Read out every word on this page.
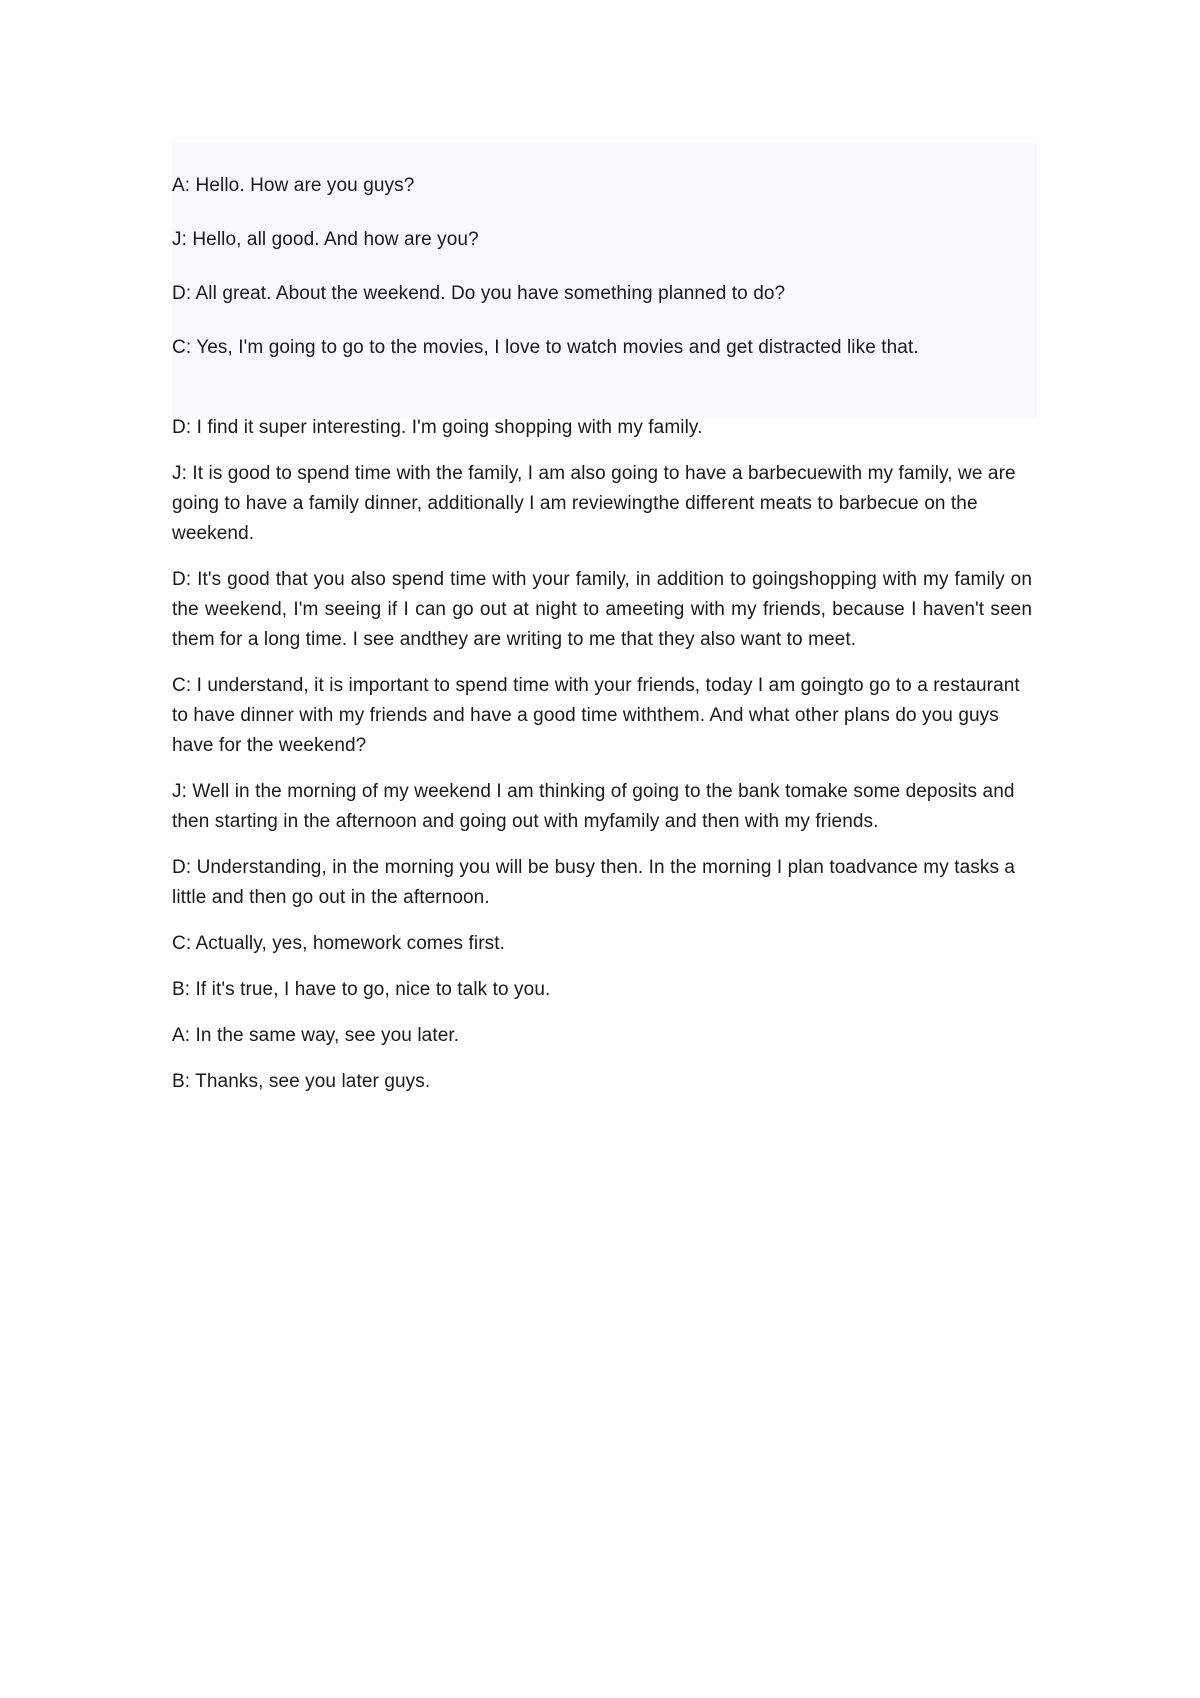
A: Hello. How are you guys?

J: Hello, all good. And how are you?

D: All great. About the weekend. Do you have something planned to do?

C: Yes, I'm going to go to the movies, I love to watch movies and get distracted like that.

D: I find it super interesting. I'm going shopping with my family.

J: It is good to spend time with the family, I am also going to have a barbecuewith my family, we are going to have a family dinner, additionally I am reviewingthe different meats to barbecue on the weekend.

D: It's good that you also spend time with your family, in addition to goingshopping with my family on the weekend, I'm seeing if I can go out at night to ameeting with my friends, because I haven't seen them for a long time. I see andthey are writing to me that they also want to meet.

C: I understand, it is important to spend time with your friends, today I am goingto go to a restaurant to have dinner with my friends and have a good time withthem. And what other plans do you guys have for the weekend?

J: Well in the morning of my weekend I am thinking of going to the bank tomake some deposits and then starting in the afternoon and going out with myfamily and then with my friends.

D: Understanding, in the morning you will be busy then. In the morning I plan toadvance my tasks a little and then go out in the afternoon.

C: Actually, yes, homework comes first.

B: If it's true, I have to go, nice to talk to you.

A: In the same way, see you later.

B: Thanks, see you later guys.
